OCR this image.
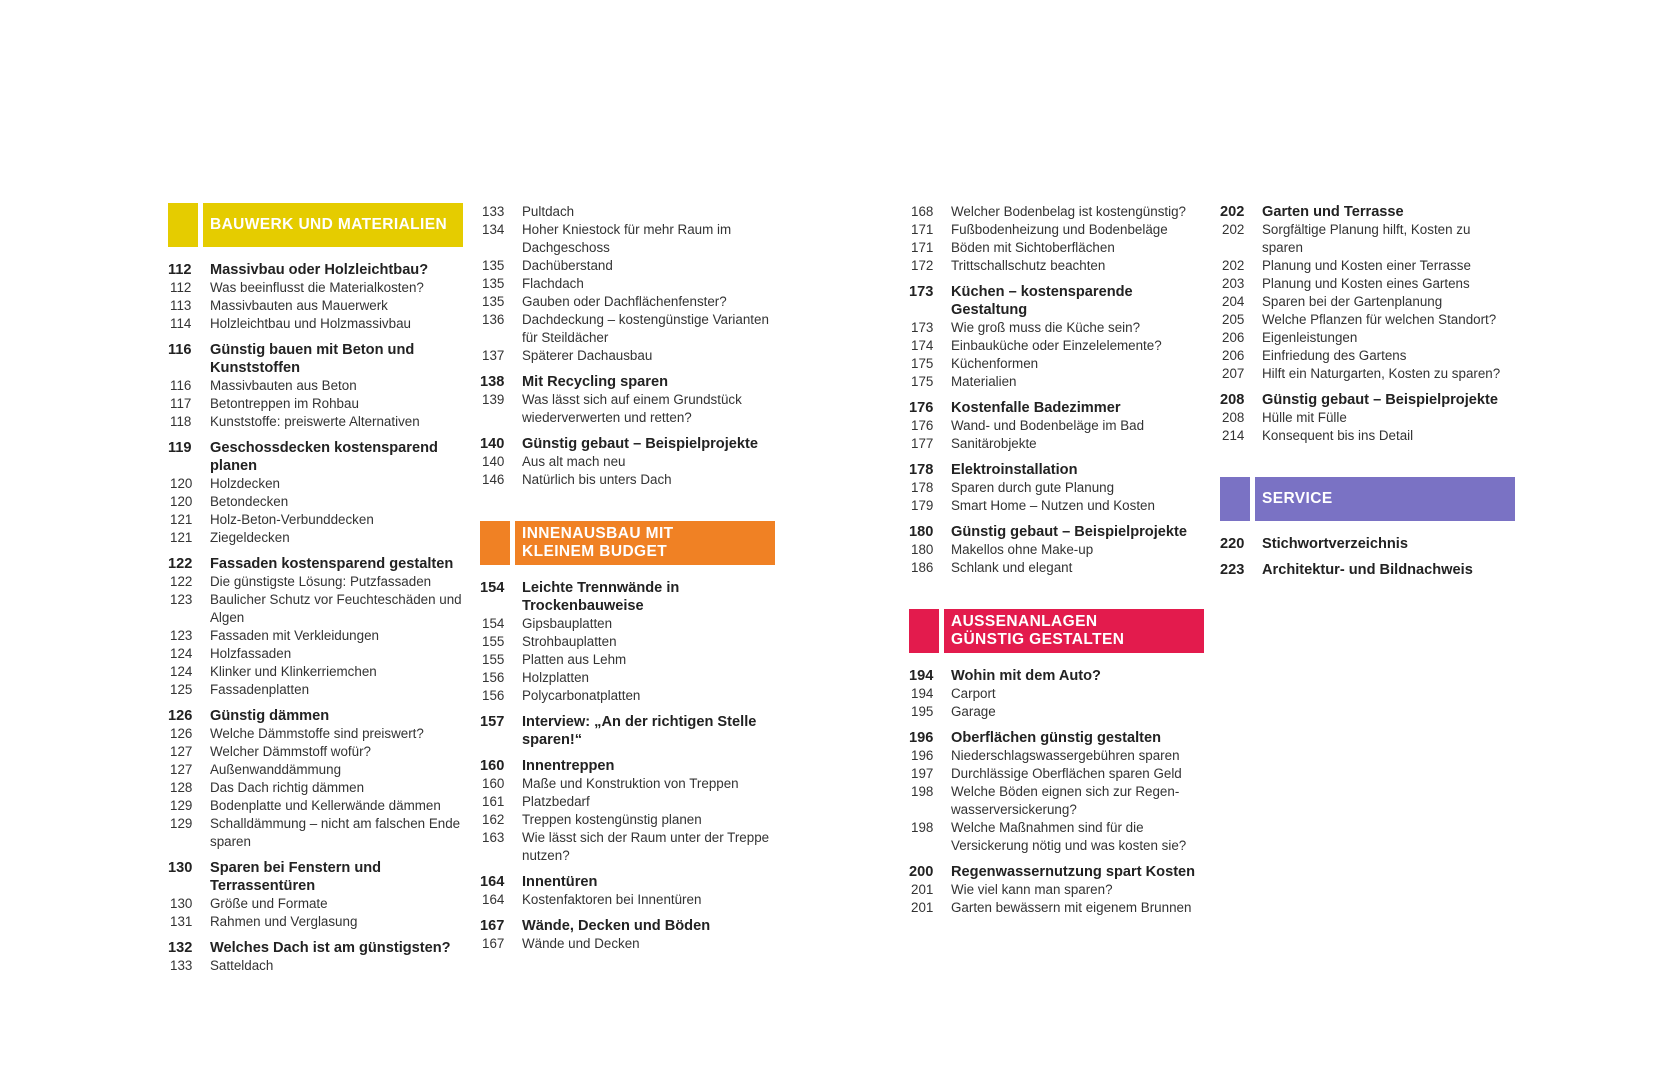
BAUWERK UND MATERIALIEN
112	Massivbau oder Holzleichtbau?
112	Was beeinflusst die Materialkosten?
113	Massivbauten aus Mauerwerk
114	Holzleichtbau und Holzmassivbau
116	Günstig bauen mit Beton und Kunststoffen
116	Massivbauten aus Beton
117	Betontreppen im Rohbau
118	Kunststoffe: preiswerte Alternativen
119	Geschossdecken kostensparend planen
120	Holzdecken
120	Betondecken
121	Holz-Beton-Verbunddecken
121	Ziegeldecken
122	Fassaden kostensparend gestalten
122	Die günstigste Lösung: Putzfassaden
123	Baulicher Schutz vor Feuchteschäden und Algen
123	Fassaden mit Verkleidungen
124	Holzfassaden
124	Klinker und Klinkerriemchen
125	Fassadenplatten
126	Günstig dämmen
126	Welche Dämmstoffe sind preiswert?
127	Welcher Dämmstoff wofür?
127	Außenwanddämmung
128	Das Dach richtig dämmen
129	Bodenplatte und Kellerwände dämmen
129	Schalldämmung – nicht am falschen Ende sparen
130	Sparen bei Fenstern und Terrassentüren
130	Größe und Formate
131	Rahmen und Verglasung
132	Welches Dach ist am günstigsten?
133	Satteldach
133	Pultdach
134	Hoher Kniestock für mehr Raum im Dachgeschoss
135	Dachüberstand
135	Flachdach
135	Gauben oder Dachflächenfenster?
136	Dachdeckung – kostengünstige Varianten für Steildächer
137	Späterer Dachausbau
138	Mit Recycling sparen
139	Was lässt sich auf einem Grundstück wiederverwerten und retten?
140	Günstig gebaut – Beispielprojekte
140	Aus alt mach neu
146	Natürlich bis unters Dach
INNENAUSBAU MIT
KLEINEM BUDGET
154	Leichte Trennwände in Trockenbauweise
154	Gipsbauplatten
155	Strohbauplatten
155	Platten aus Lehm
156	Holzplatten
156	Polycarbonatplatten
157	Interview: „An der richtigen Stelle sparen!“
160	Innentreppen
160	Maße und Konstruktion von Treppen
161	Platzbedarf
162	Treppen kostengünstig planen
163	Wie lässt sich der Raum unter der Treppe nutzen?
164	Innentüren
164	Kostenfaktoren bei Innentüren
167	Wände, Decken und Böden
167	Wände und Decken
168	Welcher Bodenbelag ist kostengünstig?
171	Fußbodenheizung und Bodenbeläge
171	Böden mit Sichtoberflächen
172	Trittschallschutz beachten
173	Küchen – kostensparende Gestaltung
173	Wie groß muss die Küche sein?
174	Einbauküche oder Einzelelemente?
175	Küchenformen
175	Materialien
176	Kostenfalle Badezimmer
176	Wand- und Bodenbeläge im Bad
177	Sanitärobjekte
178	Elektroinstallation
178	Sparen durch gute Planung
179	Smart Home – Nutzen und Kosten
180	Günstig gebaut – Beispielprojekte
180	Makellos ohne Make-up
186	Schlank und elegant
AUSSENANLAGEN
GÜNSTIG GESTALTEN
194	Wohin mit dem Auto?
194	Carport
195	Garage
196	Oberflächen günstig gestalten
196	Niederschlagswassergebühren sparen
197	Durchlässige Oberflächen sparen Geld
198	Welche Böden eignen sich zur Regen-wasserversickerung?
198	Welche Maßnahmen sind für die Versickerung nötig und was kosten sie?
200	Regenwassernutzung spart Kosten
201	Wie viel kann man sparen?
201	Garten bewässern mit eigenem Brunnen
202	Garten und Terrasse
202	Sorgfältige Planung hilft, Kosten zu sparen
202	Planung und Kosten einer Terrasse
203	Planung und Kosten eines Gartens
204	Sparen bei der Gartenplanung
205	Welche Pflanzen für welchen Standort?
206	Eigenleistungen
206	Einfriedung des Gartens
207	Hilft ein Naturgarten, Kosten zu sparen?
208	Günstig gebaut – Beispielprojekte
208	Hülle mit Fülle
214	Konsequent bis ins Detail
SERVICE
220	Stichwortverzeichnis
223	Architektur- und Bildnachweis
